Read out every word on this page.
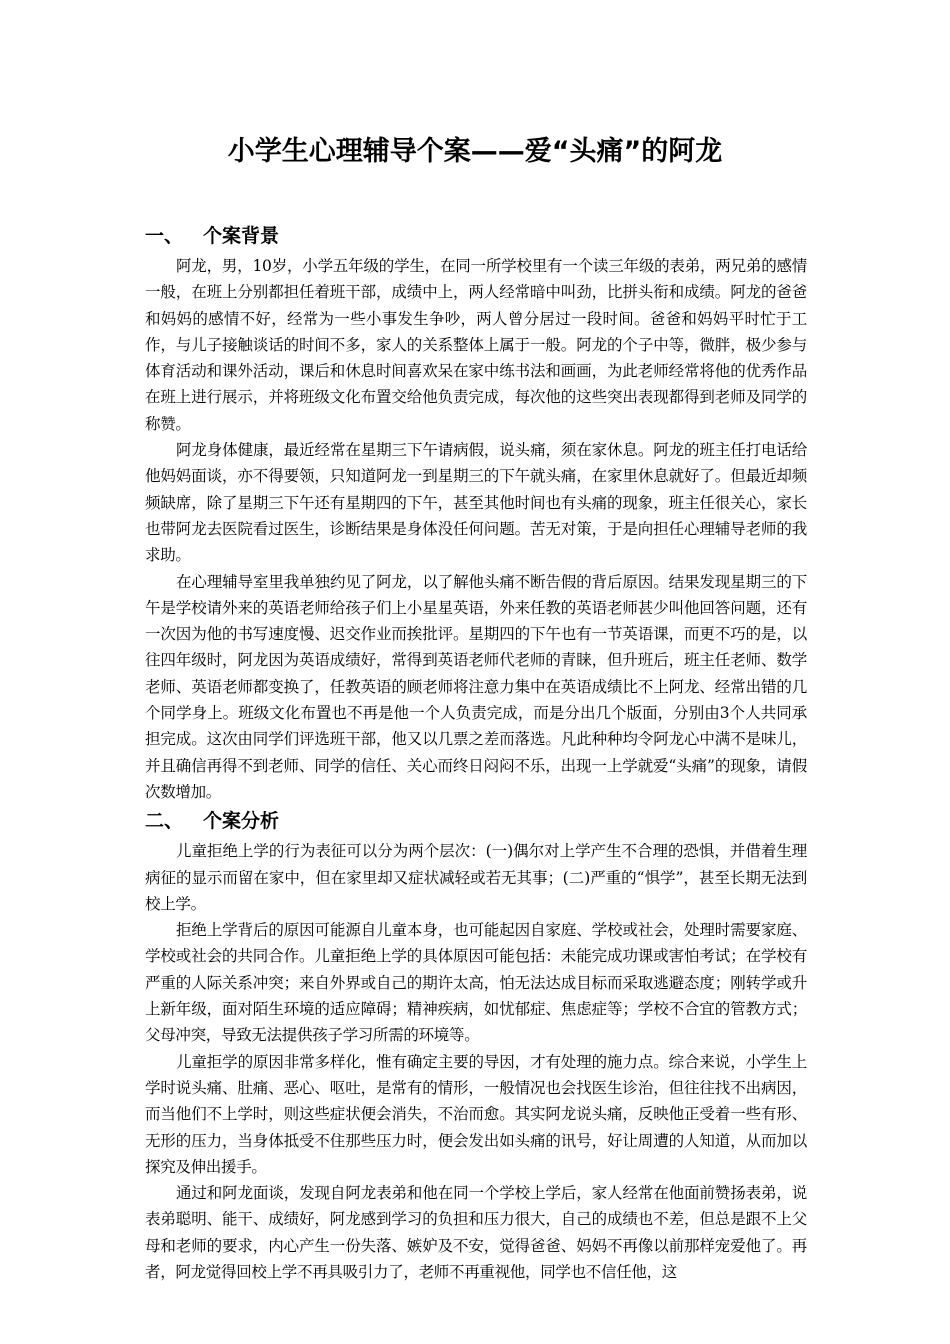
小学生心理辅导个案——爱“头痛”的阿龙
一、	个案背景

阿龙，男，10岁，小学五年级的学生，在同一所学校里有一个读三年级的表弟，两兄弟的感情一般，在班上分别都担任着班干部，成绩中上，两人经常暗中叫劲，比拼头衔和成绩。阿龙的爸爸和妈妈的感情不好，经常为一些小事发生争吵，两人曾分居过一段时间。爸爸和妈妈平时忙于工作，与儿子接触谈话的时间不多，家人的关系整体上属于一般。阿龙的个子中等，微胖，极少参与体育活动和课外活动，课后和休息时间喜欢呆在家中练书法和画画，为此老师经常将他的优秀作品在班上进行展示，并将班级文化布置交给他负责完成，每次他的这些突出表现都得到老师及同学的称赞。

阿龙身体健康，最近经常在星期三下午请病假，说头痛，须在家休息。阿龙的班主任打电话给他妈妈面谈，亦不得要领，只知道阿龙一到星期三的下午就头痛，在家里休息就好了。但最近却频频缺席，除了星期三下午还有星期四的下午，甚至其他时间也有头痛的现象，班主任很关心，家长也带阿龙去医院看过医生，诊断结果是身体没任何问题。苦无对策，于是向担任心理辅导老师的我求助。

在心理辅导室里我单独约见了阿龙，以了解他头痛不断告假的背后原因。结果发现星期三的下午是学校请外来的英语老师给孩子们上小星星英语，外来任教的英语老师甚少叫他回答问题，还有一次因为他的书写速度慢、迟交作业而挨批评。星期四的下午也有一节英语课，而更不巧的是，以往四年级时，阿龙因为英语成绩好，常得到英语老师代老师的青睐，但升班后，班主任老师、数学老师、英语老师都变换了，任教英语的顾老师将注意力集中在英语成绩比不上阿龙、经常出错的几个同学身上。班级文化布置也不再是他一个人负责完成，而是分出几个版面，分别由3个人共同承担完成。这次由同学们评选班干部，他又以几票之差而落选。凡此种种均令阿龙心中满不是味儿，并且确信再得不到老师、同学的信任、关心而终日闷闷不乐，出现一上学就爱“头痛”的现象，请假次数增加。

二、	个案分析

儿童拒绝上学的行为表征可以分为两个层次：(一)偶尔对上学产生不合理的恐惧，并借着生理病征的显示而留在家中，但在家里却又症状减轻或若无其事；(二)严重的“惧学”，甚至长期无法到校上学。

拒绝上学背后的原因可能源自儿童本身，也可能起因自家庭、学校或社会，处理时需要家庭、学校或社会的共同合作。儿童拒绝上学的具体原因可能包括：未能完成功课或害怕考试；在学校有严重的人际关系冲突；来自外界或自己的期许太高，怕无法达成目标而采取逃避态度；刚转学或升上新年级，面对陌生环境的适应障碍；精神疾病，如忧郁症、焦虑症等；学校不合宜的管教方式；父母冲突，导致无法提供孩子学习所需的环境等。

儿童拒学的原因非常多样化，惟有确定主要的导因，才有处理的施力点。综合来说，小学生上学时说头痛、肚痛、恶心、呕吐，是常有的情形，一般情况也会找医生诊治，但往往找不出病因，而当他们不上学时，则这些症状便会消失，不治而愈。其实阿龙说头痛，反映他正受着一些有形、无形的压力，当身体抵受不住那些压力时，便会发出如头痛的讯号，好让周遭的人知道，从而加以探究及伸出援手。

通过和阿龙面谈，发现自阿龙表弟和他在同一个学校上学后，家人经常在他面前赞扬表弟，说表弟聪明、能干、成绩好，阿龙感到学习的负担和压力很大，自己的成绩也不差，但总是跟不上父母和老师的要求，内心产生一份失落、嫉妒及不安，觉得爸爸、妈妈不再像以前那样宠爱他了。再者，阿龙觉得回校上学不再具吸引力了，老师不再重视他，同学也不信任他，这
